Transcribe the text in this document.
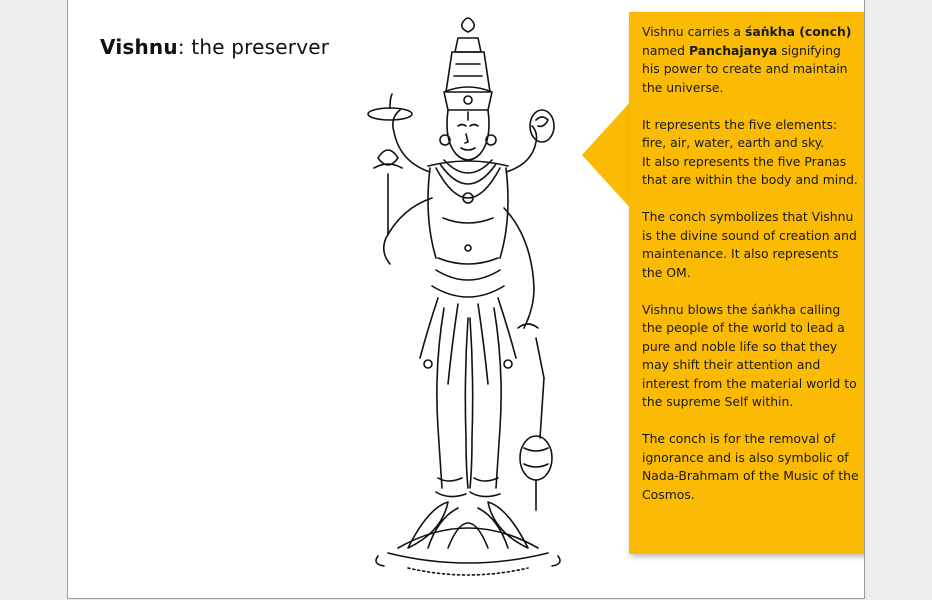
Vishnu: the preserver

Vishnu carries a śaṅkha (conch) named Panchajanya signifying his power to create and maintain the universe.

It represents the five elements: fire, air, water, earth and sky.
It also represents the five Pranas that are within the body and mind.

The conch symbolizes that Vishnu is the divine sound of creation and maintenance. It also represents the OM.

Vishnu blows the śaṅkha calling the people of the world to lead a pure and noble life so that they may shift their attention and interest from the material world to the supreme Self within.

The conch is for the removal of ignorance and is also symbolic of Nada-Brahmam of the Music of the Cosmos.
